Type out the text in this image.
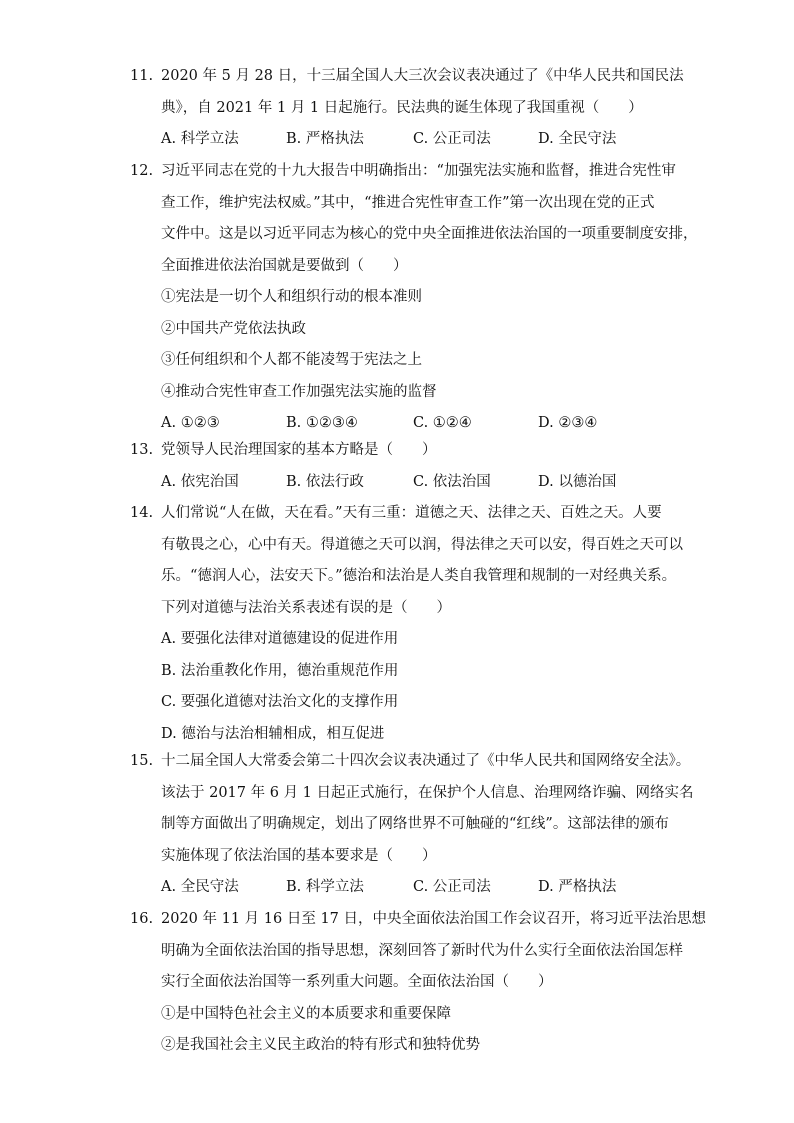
11. 2020 年 5 月 28 日，十三届全国人大三次会议表决通过了《中华人民共和国民法
典》，自 2021 年 1 月 1 日起施行。民法典的诞生体现了我国重视（　　）
A. 科学立法	B. 严格执法	C. 公正司法	D. 全民守法
12. 习近平同志在党的十九大报告中明确指出：“加强宪法实施和监督，推进合宪性审
查工作，维护宪法权威。”其中，“推进合宪性审查工作”第一次出现在党的正式
文件中。这是以习近平同志为核心的党中央全面推进依法治国的一项重要制度安排，
全面推进依法治国就是要做到（　　）
①宪法是一切个人和组织行动的根本准则
②中国共产党依法执政
③任何组织和个人都不能凌驾于宪法之上
④推动合宪性审查工作加强宪法实施的监督
A. ①②③	B. ①②③④	C. ①②④	D. ②③④
13. 党领导人民治理国家的基本方略是（　　）
A. 依宪治国	B. 依法行政	C. 依法治国	D. 以德治国
14. 人们常说“人在做，天在看。”天有三重：道德之天、法律之天、百姓之天。人要
有敬畏之心，心中有天。得道德之天可以润，得法律之天可以安，得百姓之天可以
乐。“德润人心，法安天下。”德治和法治是人类自我管理和规制的一对经典关系。
下列对道德与法治关系表述有误的是（　　）
A. 要强化法律对道德建设的促进作用
B. 法治重教化作用，德治重规范作用
C. 要强化道德对法治文化的支撑作用
D. 德治与法治相辅相成，相互促进
15. 十二届全国人大常委会第二十四次会议表决通过了《中华人民共和国网络安全法》。
该法于 2017 年 6 月 1 日起正式施行，在保护个人信息、治理网络诈骗、网络实名
制等方面做出了明确规定，划出了网络世界不可触碰的“红线”。这部法律的颁布
实施体现了依法治国的基本要求是（　　）
A. 全民守法	B. 科学立法	C. 公正司法	D. 严格执法
16. 2020 年 11 月 16 日至 17 日，中央全面依法治国工作会议召开，将习近平法治思想
明确为全面依法治国的指导思想，深刻回答了新时代为什么实行全面依法治国怎样
实行全面依法治国等一系列重大问题。全面依法治国（　　）
①是中国特色社会主义的本质要求和重要保障
②是我国社会主义民主政治的特有形式和独特优势
